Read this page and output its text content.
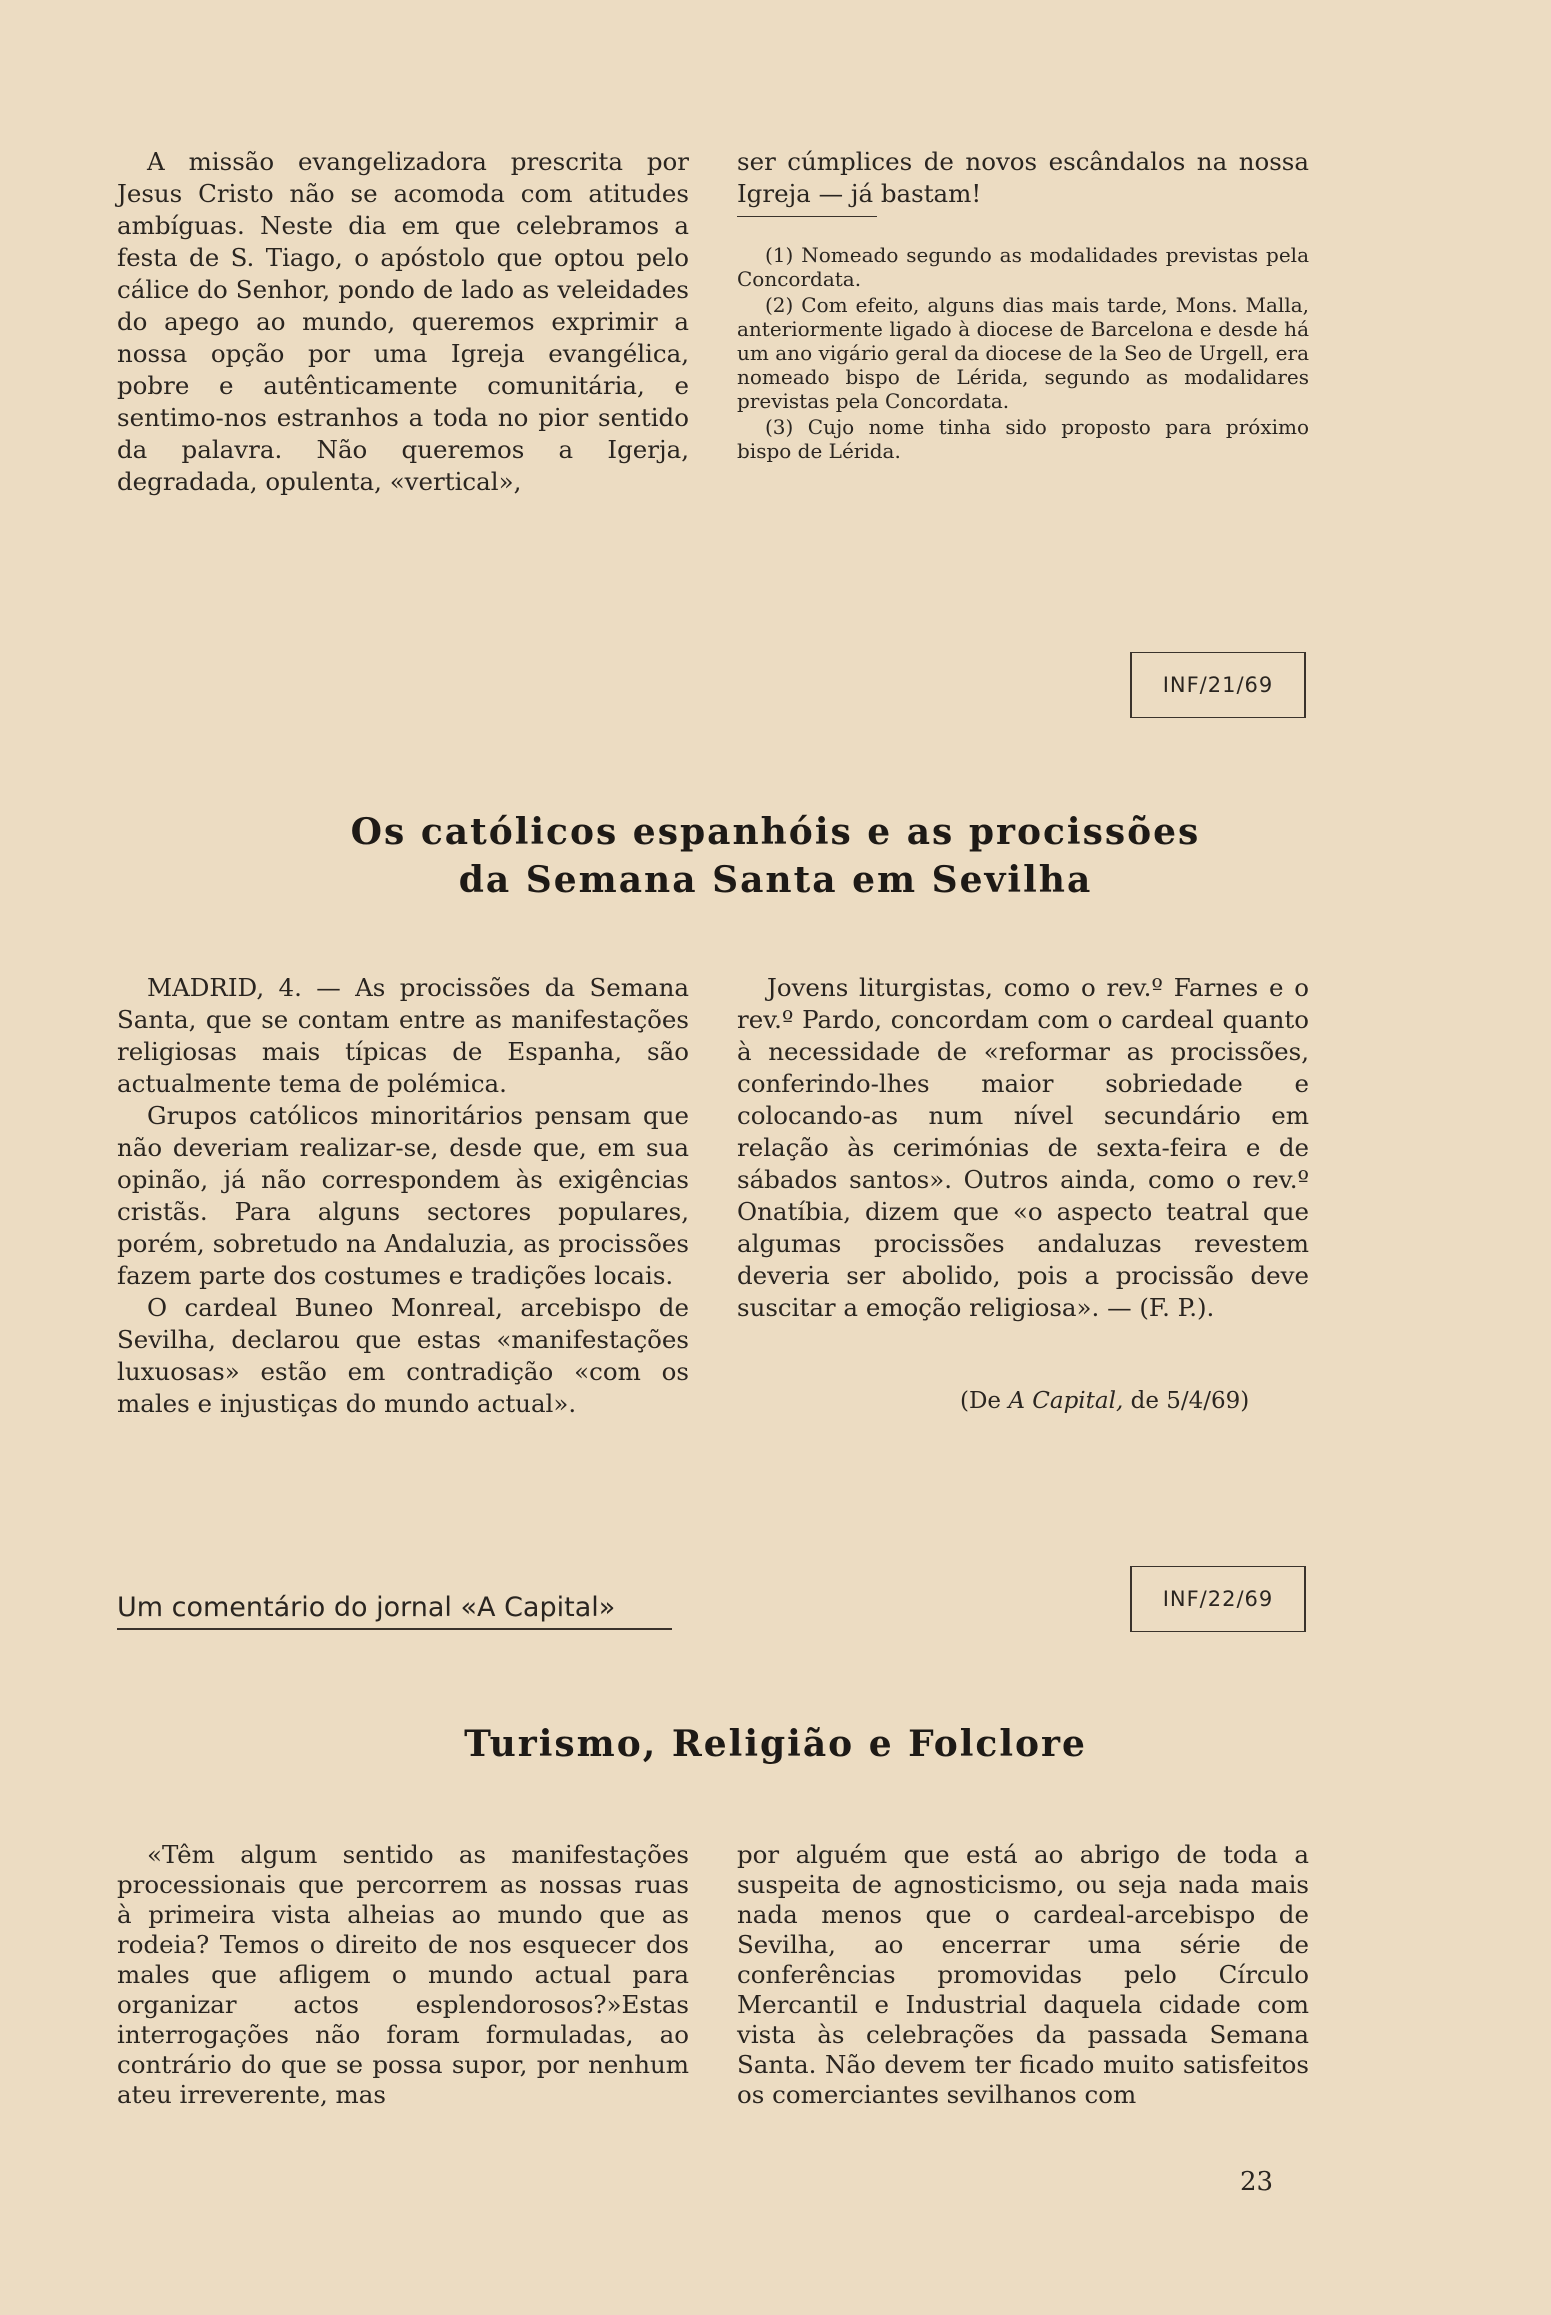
A missão evangelizadora prescrita por Jesus Cristo não se acomoda com atitudes ambíguas. Neste dia em que celebramos a festa de S. Tiago, o apóstolo que optou pelo cálice do Senhor, pondo de lado as veleidades do apego ao mundo, queremos exprimir a nossa opção por uma Igreja evangélica, pobre e autênticamente comunitária, e sentimo-nos estranhos a toda no pior sentido da palavra. Não queremos a Igerja, degradada, opulenta, «vertical»,

ser cúmplices de novos escândalos na nossa Igreja — já bastam!

(1) Nomeado segundo as modalidades previstas pela Concordata.

(2) Com efeito, alguns dias mais tarde, Mons. Malla, anteriormente ligado à diocese de Barcelona e desde há um ano vigário geral da diocese de la Seo de Urgell, era nomeado bispo de Lérida, segundo as modalidares previstas pela Concordata.

(3) Cujo nome tinha sido proposto para próximo bispo de Lérida.

INF/21/69
Os católicos espanhóis e as procissões
da Semana Santa em Sevilha

MADRID, 4. — As procissões da Semana Santa, que se contam entre as manifestações religiosas mais típicas de Espanha, são actualmente tema de polémica.

Grupos católicos minoritários pensam que não deveriam realizar-se, desde que, em sua opinão, já não correspondem às exigências cristãs. Para alguns sectores populares, porém, sobretudo na Andaluzia, as procissões fazem parte dos costumes e tradições locais.

O cardeal Buneo Monreal, arcebispo de Sevilha, declarou que estas «manifestações luxuosas» estão em contradição «com os males e injustiças do mundo actual».

Jovens liturgistas, como o rev.º Farnes e o rev.º Pardo, concordam com o cardeal quanto à necessidade de «reformar as procissões, conferindo-lhes maior sobriedade e colocando-as num nível secundário em relação às cerimónias de sexta-feira e de sábados santos». Outros ainda, como o rev.º Onatíbia, dizem que «o aspecto teatral que algumas procissões andaluzas revestem deveria ser abolido, pois a procissão deve suscitar a emoção religiosa». — (F. P.).

(De A Capital, de 5/4/69)
Um comentário do jornal «A Capital»	INF/22/69
Turismo, Religião e Folclore

«Têm algum sentido as manifestações processionais que percorrem as nossas ruas à primeira vista alheias ao mundo que as rodeia? Temos o direito de nos esquecer dos males que afligem o mundo actual para organizar actos esplendorosos?»Estas interrogações não foram formuladas, ao contrário do que se possa supor, por nenhum ateu irreverente, mas

por alguém que está ao abrigo de toda a suspeita de agnosticismo, ou seja nada mais nada menos que o cardeal-arcebispo de Sevilha, ao encerrar uma série de conferências promovidas pelo Círculo Mercantil e Industrial daquela cidade com vista às celebrações da passada Semana Santa. Não devem ter ficado muito satisfeitos os comerciantes sevilhanos com

23
